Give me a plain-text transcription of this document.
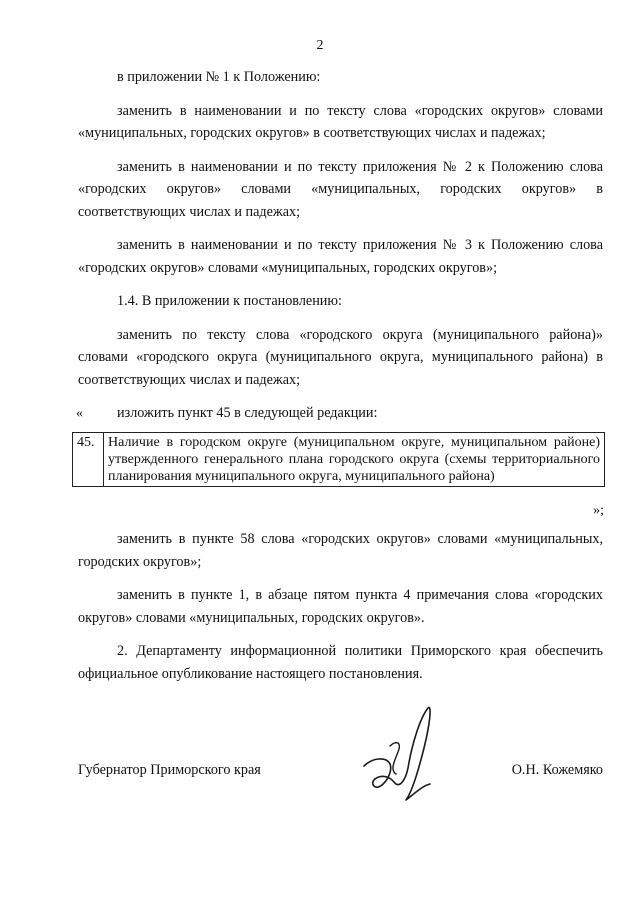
2

в приложении № 1 к Положению:

заменить в наименовании и по тексту слова «городских округов» словами «муниципальных, городских округов» в соответствующих числах и падежах;

заменить в наименовании и по тексту приложения № 2 к Положению слова «городских округов» словами «муниципальных, городских округов» в соответствующих числах и падежах;

заменить в наименовании и по тексту приложения № 3 к Положению слова «городских округов» словами «муниципальных, городских округов»;

1.4. В приложении к постановлению:

заменить по тексту слова «городского округа (муниципального района)» словами «городского округа (муниципального округа, муниципального района) в соответствующих числах и падежах;

изложить пункт 45 в следующей редакции:

«
45.	Наличие в городском округе (муниципальном округе, муниципальном районе) утвержденного генерального плана городского округа (схемы территориального планирования муниципального округа, муниципального района)
»;

заменить в пункте 58 слова «городских округов» словами «муниципальных, городских округов»;

заменить в пункте 1, в абзаце пятом пункта 4 примечания слова «городских округов» словами «муниципальных, городских округов».

2. Департаменту информационной политики Приморского края обеспечить официальное опубликование настоящего постановления.

Губернатор Приморского края	О.Н. Кожемяко
